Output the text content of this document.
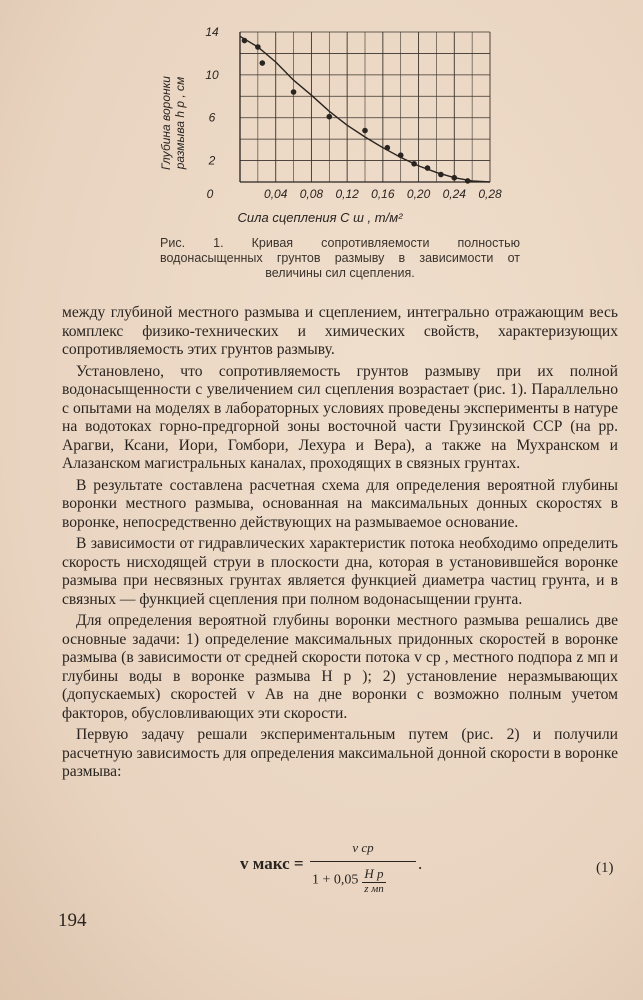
0	0,04 0,08 0,12 0,16 0,20 0,24 0,28
2
6
10
14
Глубина воронки размыва h р , см
Сила сцепления С ш , т/м²
Рис. 1. Кривая сопротивляемости полностью водонасыщенных грунтов размыву в зависимости от величины сил сцепления.

между глубиной местного размыва и сцеплением, интегрально отражающим весь комплекс физико-технических и химических свойств, характеризующих сопротивляемость этих грунтов размыву.

Установлено, что сопротивляемость грунтов размыву при их полной водонасыщенности с увеличением сил сцепления возрастает (рис. 1). Параллельно с опытами на моделях в лабораторных условиях проведены эксперименты в натуре на водотоках горно-предгорной зоны восточной части Грузинской ССР (на рр. Арагви, Ксани, Иори, Гомбори, Лехура и Вера), а также на Мухранском и Алазанском магистральных каналах, проходящих в связных грунтах.

В результате составлена расчетная схема для определения вероятной глубины воронки местного размыва, основанная на максимальных донных скоростях в воронке, непосредственно действующих на размываемое основание.

В зависимости от гидравлических характеристик потока необходимо определить скорость нисходящей струи в плоскости дна, которая в установившейся воронке размыва при несвязных грунтах является функцией диаметра частиц грунта, и в связных — функцией сцепления при полном водонасыщении грунта.

Для определения вероятной глубины воронки местного размыва решались две основные задачи: 1) определение максимальных придонных скоростей в воронке размыва (в зависимости от средней скорости потока v ср , местного подпора z мп и глубины воды в воронке размыва H р ); 2) установление неразмывающих (допускаемых) скоростей v Ав на дне воронки с возможно полным учетом факторов, обусловливающих эти скорости.

Первую задачу решали экспериментальным путем (рис. 2) и получили расчетную зависимость для определения максимальной донной скорости в воронке размыва:

v макс =
v ср
$1 + 0,05 \frac{\text{H р}}{\text{z мп}}$
.	(1)
194
